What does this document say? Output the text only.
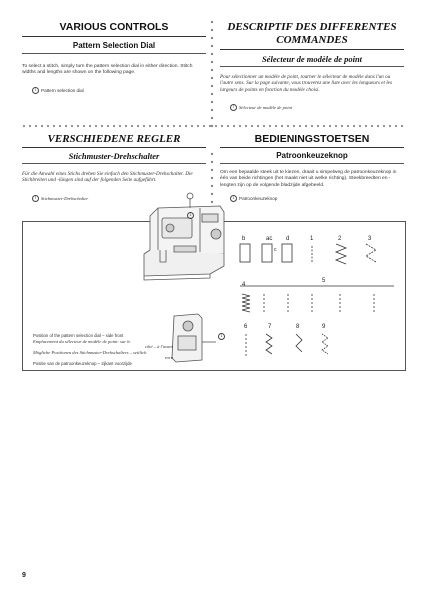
VARIOUS CONTROLS
Pattern Selection Dial
To select a stitch, simply turn the pattern selection dial in either direction. Stitch widths and lengths are shown on the following page.
1 Pattern selection dial
DESCRIPTIF DES DIFFERENTES COMMANDES
Sélecteur de modèle de point
Pour sélectionner un modèle de point, tourner le sélecteur de modèle dans l'un ou l'autre sens. Sur la page suivante, vous trouverez une liste avec les longueurs et les largeurs de points en fonction du modèle choisi.
1	Sélecteur de modèle de point
VERSCHIEDENE REGLER
Stichmuster-Drehschalter
Für die Anwahl eines Stichs drehen Sie einfach den Stichmuster-Drehschalter. Die Stichbreiten und -längen sind auf der folgenden Seite aufgeführt.
1	Stichmuster-Drehschalter
BEDIENINGSTOETSEN
Patroonkeuzeknop
Om een bepaalde steek uit te kiezen, draait u simpelweg de patroonkeuzeknop in één van beide richtingen (het maakt niet uit welke richting). Steekbreedten en -lengten zijn op de volgende bladzijde afgebeeld.
1 Patroonkeuzeknop
1
1
b	ac d	1	2	3
c
4
5
6	7	8	9
Position of the pattern selection dial – side front
Emplacement du sélecteur de modèle de point: sur le
côté – à l'avant
Mögliche Positionen des Stichmuster-Drehschalters – seitlich
vorn
Positie van de patroonkeuzeknop – zijkant voorzijde
9
